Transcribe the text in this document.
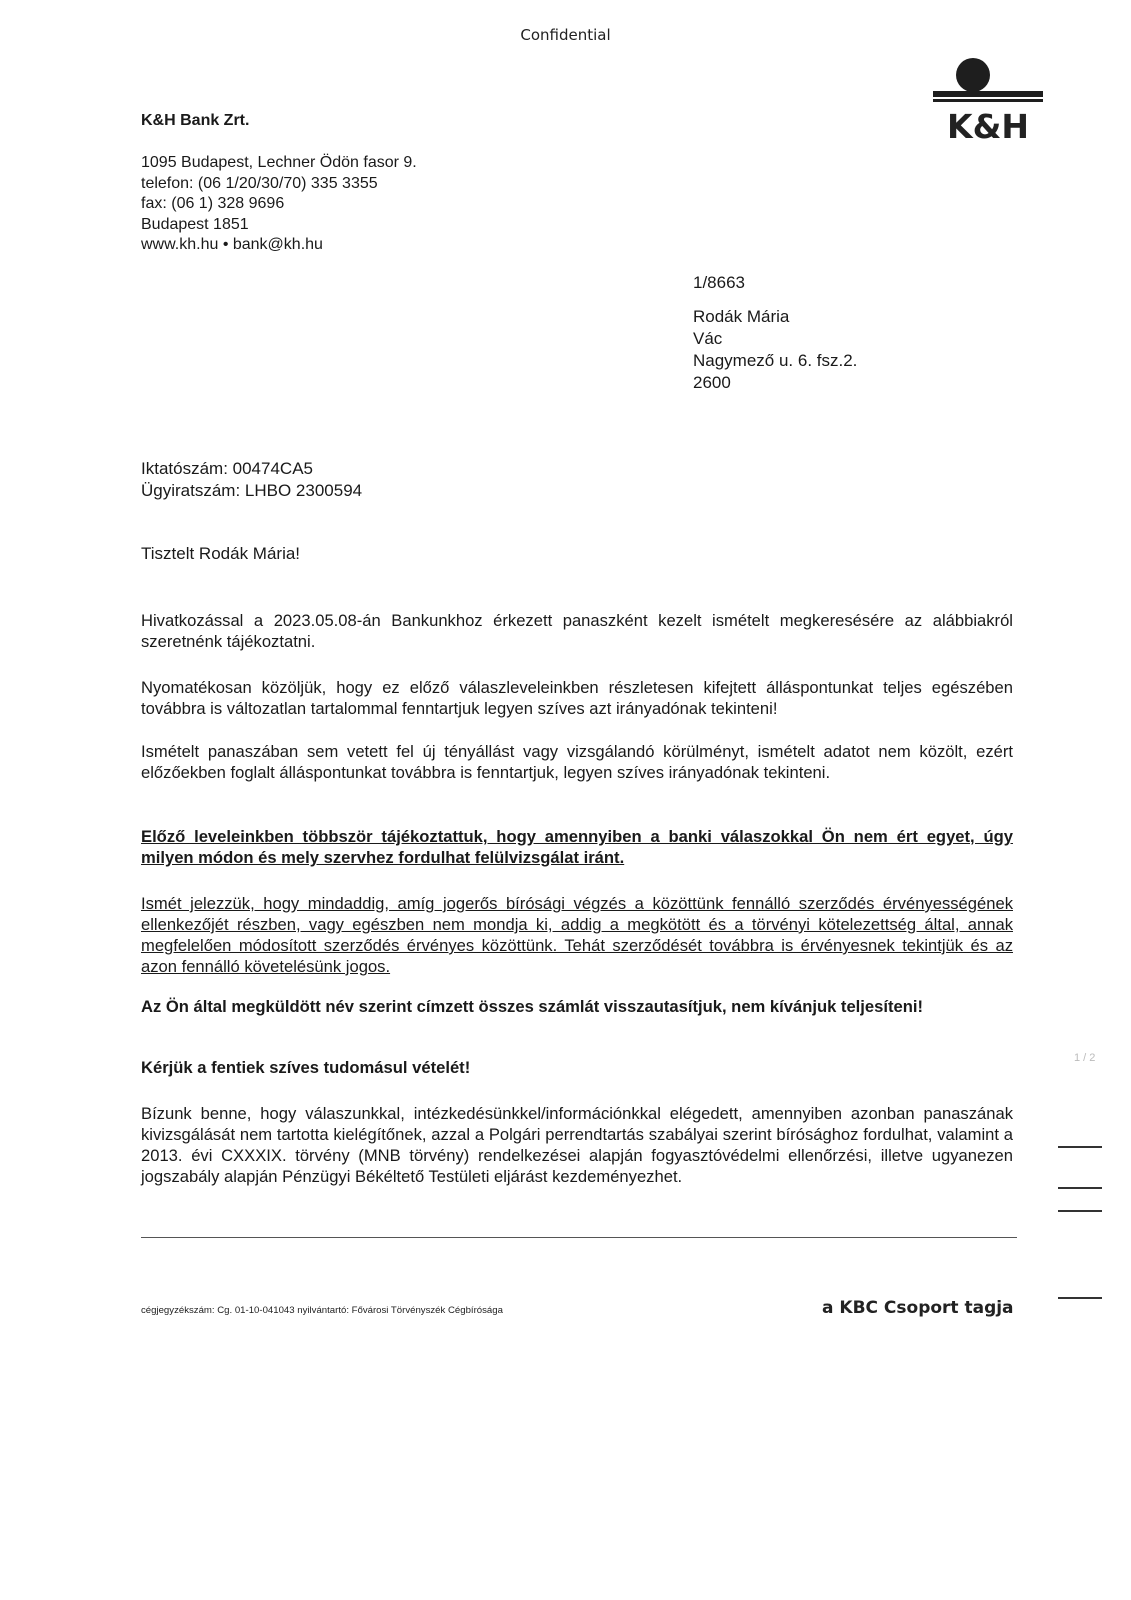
Confidential
K&H Bank Zrt.
1095 Budapest, Lechner Ödön fasor 9.
telefon: (06 1/20/30/70) 335 3355
fax: (06 1) 328 9696
Budapest 1851
www.kh.hu • bank@kh.hu
K&H
1/8663
Rodák Mária
Vác
Nagymező u. 6. fsz.2.
2600
Iktatószám: 00474CA5
Ügyiratszám: LHBO 2300594
Tisztelt Rodák Mária!
Hivatkozással a 2023.05.08-án Bankunkhoz érkezett panaszként kezelt ismételt megkeresésére az alábbiakról szeretnénk tájékoztatni.
Nyomatékosan közöljük, hogy ez előző válaszleveleinkben részletesen kifejtett álláspontunkat teljes egészében továbbra is változatlan tartalommal fenntartjuk legyen szíves azt irányadónak tekinteni!
Ismételt panaszában sem vetett fel új tényállást vagy vizsgálandó körülményt, ismételt adatot nem közölt, ezért előzőekben foglalt álláspontunkat továbbra is fenntartjuk, legyen szíves irányadónak tekinteni.
Előző leveleinkben többször tájékoztattuk, hogy amennyiben a banki válaszokkal Ön nem ért egyet, úgy milyen módon és mely szervhez fordulhat felülvizsgálat iránt.
Ismét jelezzük, hogy mindaddig, amíg jogerős bírósági végzés a közöttünk fennálló szerződés érvényességének ellenkezőjét részben, vagy egészben nem mondja ki, addig a megkötött és a törvényi kötelezettség által, annak megfelelően módosított szerződés érvényes közöttünk. Tehát szerződését továbbra is érvényesnek tekintjük és az azon fennálló követelésünk jogos.
Az Ön által megküldött név szerint címzett összes számlát visszautasítjuk, nem kívánjuk teljesíteni!
Kérjük a fentiek szíves tudomásul vételét!
Bízunk benne, hogy válaszunkkal, intézkedésünkkel/információnkkal elégedett, amennyiben azonban panaszának kivizsgálását nem tartotta kielégítőnek, azzal a Polgári perrendtartás szabályai szerint bírósághoz fordulhat, valamint a 2013. évi CXXXIX. törvény (MNB törvény) rendelkezései alapján fogyasztóvédelmi ellenőrzési, illetve ugyanezen jogszabály alapján Pénzügyi Békéltető Testületi eljárást kezdeményezhet.
cégjegyzékszám: Cg. 01-10-041043 nyilvántartó: Fővárosi Törvényszék Cégbírósága	a KBC Csoport tagja
1 / 2
